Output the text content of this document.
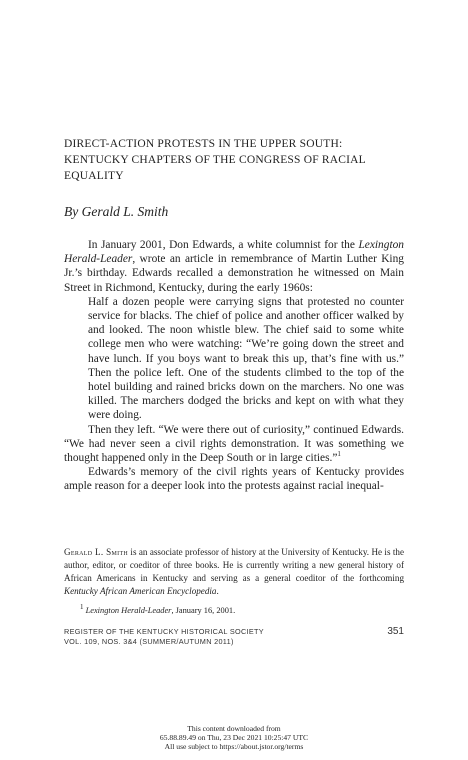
DIRECT-ACTION PROTESTS IN THE UPPER SOUTH:
KENTUCKY CHAPTERS OF THE CONGRESS OF RACIAL
EQUALITY
By Gerald L. Smith

In January 2001, Don Edwards, a white columnist for the Lexington Herald-Leader, wrote an article in remembrance of Martin Luther King Jr.’s birthday. Edwards recalled a demonstration he witnessed on Main Street in Richmond, Kentucky, during the early 1960s:

Half a dozen people were carrying signs that protested no counter service for blacks. The chief of police and another officer walked by and looked. The noon whistle blew. The chief said to some white college men who were watching: “We’re going down the street and have lunch. If you boys want to break this up, that’s fine with us.” Then the police left. One of the students climbed to the top of the hotel building and rained bricks down on the marchers. No one was killed. The marchers dodged the bricks and kept on with what they were doing.

Then they left. “We were there out of curiosity,” continued Edwards. “We had never seen a civil rights demonstration. It was something we thought happened only in the Deep South or in large cities.”$^1$

Edwards’s memory of the civil rights years of Kentucky provides ample reason for a deeper look into the protests against racial inequal-

Gerald L. Smith is an associate professor of history at the University of Kentucky. He is the author, editor, or coeditor of three books. He is currently writing a new general history of African Americans in Kentucky and serving as a general coeditor of the forthcoming Kentucky African American Encyclopedia.
$^1$ Lexington Herald-Leader, January 16, 2001.
REGISTER OF THE KENTUCKY HISTORICAL SOCIETY
VOL. 109, NOS. 3&4 (SUMMER/AUTUMN 2011)
351
This content downloaded from
65.88.89.49 on Thu, 23 Dec 2021 10:25:47 UTC
All use subject to https://about.jstor.org/terms
